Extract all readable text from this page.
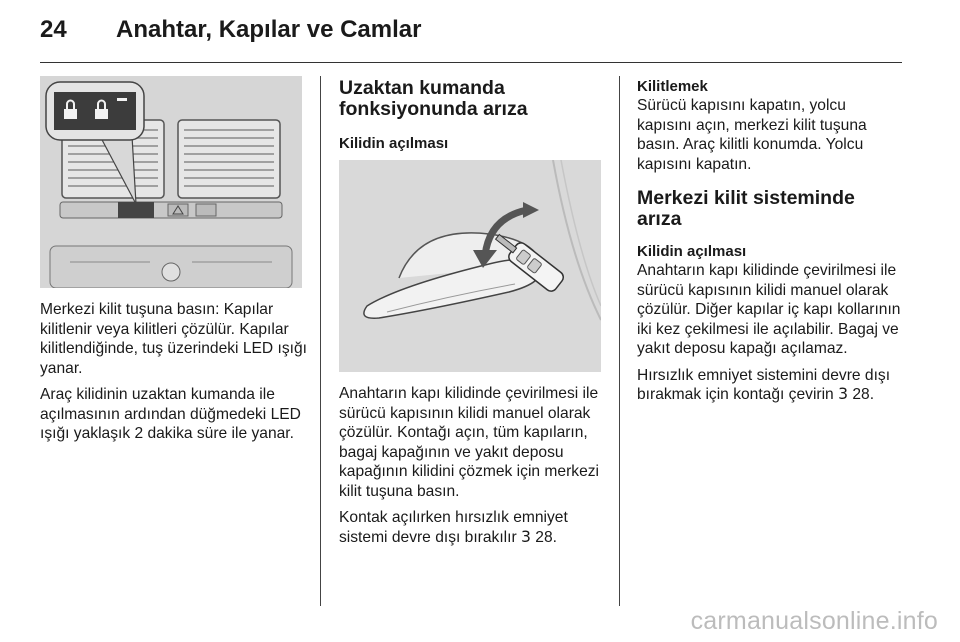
24 Anahtar, Kapılar ve Camlar

Merkezi kilit tuşuna basın: Kapılar kilitlenir veya kilitleri çözülür. Kapılar kilitlendiğinde, tuş üzerindeki LED ışığı yanar.

Araç kilidinin uzaktan kumanda ile açılmasının ardından düğmedeki LED ışığı yaklaşık 2 dakika süre ile yanar.

Uzaktan kumanda
fonksiyonunda arıza
Kilidin açılması

Anahtarın kapı kilidinde çevirilmesi ile sürücü kapısının kilidi manuel olarak çözülür. Kontağı açın, tüm kapıların, bagaj kapağının ve yakıt deposu kapağının kilidini çözmek için merkezi kilit tuşuna basın.

Kontak açılırken hırsızlık emniyet sistemi devre dışı bırakılır 3 28.

Kilitlemek

Sürücü kapısını kapatın, yolcu kapısını açın, merkezi kilit tuşuna basın. Araç kilitli konumda. Yolcu kapısını kapatın.

Merkezi kilit sisteminde arıza
Kilidin açılması

Anahtarın kapı kilidinde çevirilmesi ile sürücü kapısının kilidi manuel olarak çözülür. Diğer kapılar iç kapı kollarının iki kez çekilmesi ile açılabilir. Bagaj ve yakıt deposu kapağı açılamaz.

Hırsızlık emniyet sistemini devre dışı bırakmak için kontağı çevirin 3 28.

carmanualsonline.info
